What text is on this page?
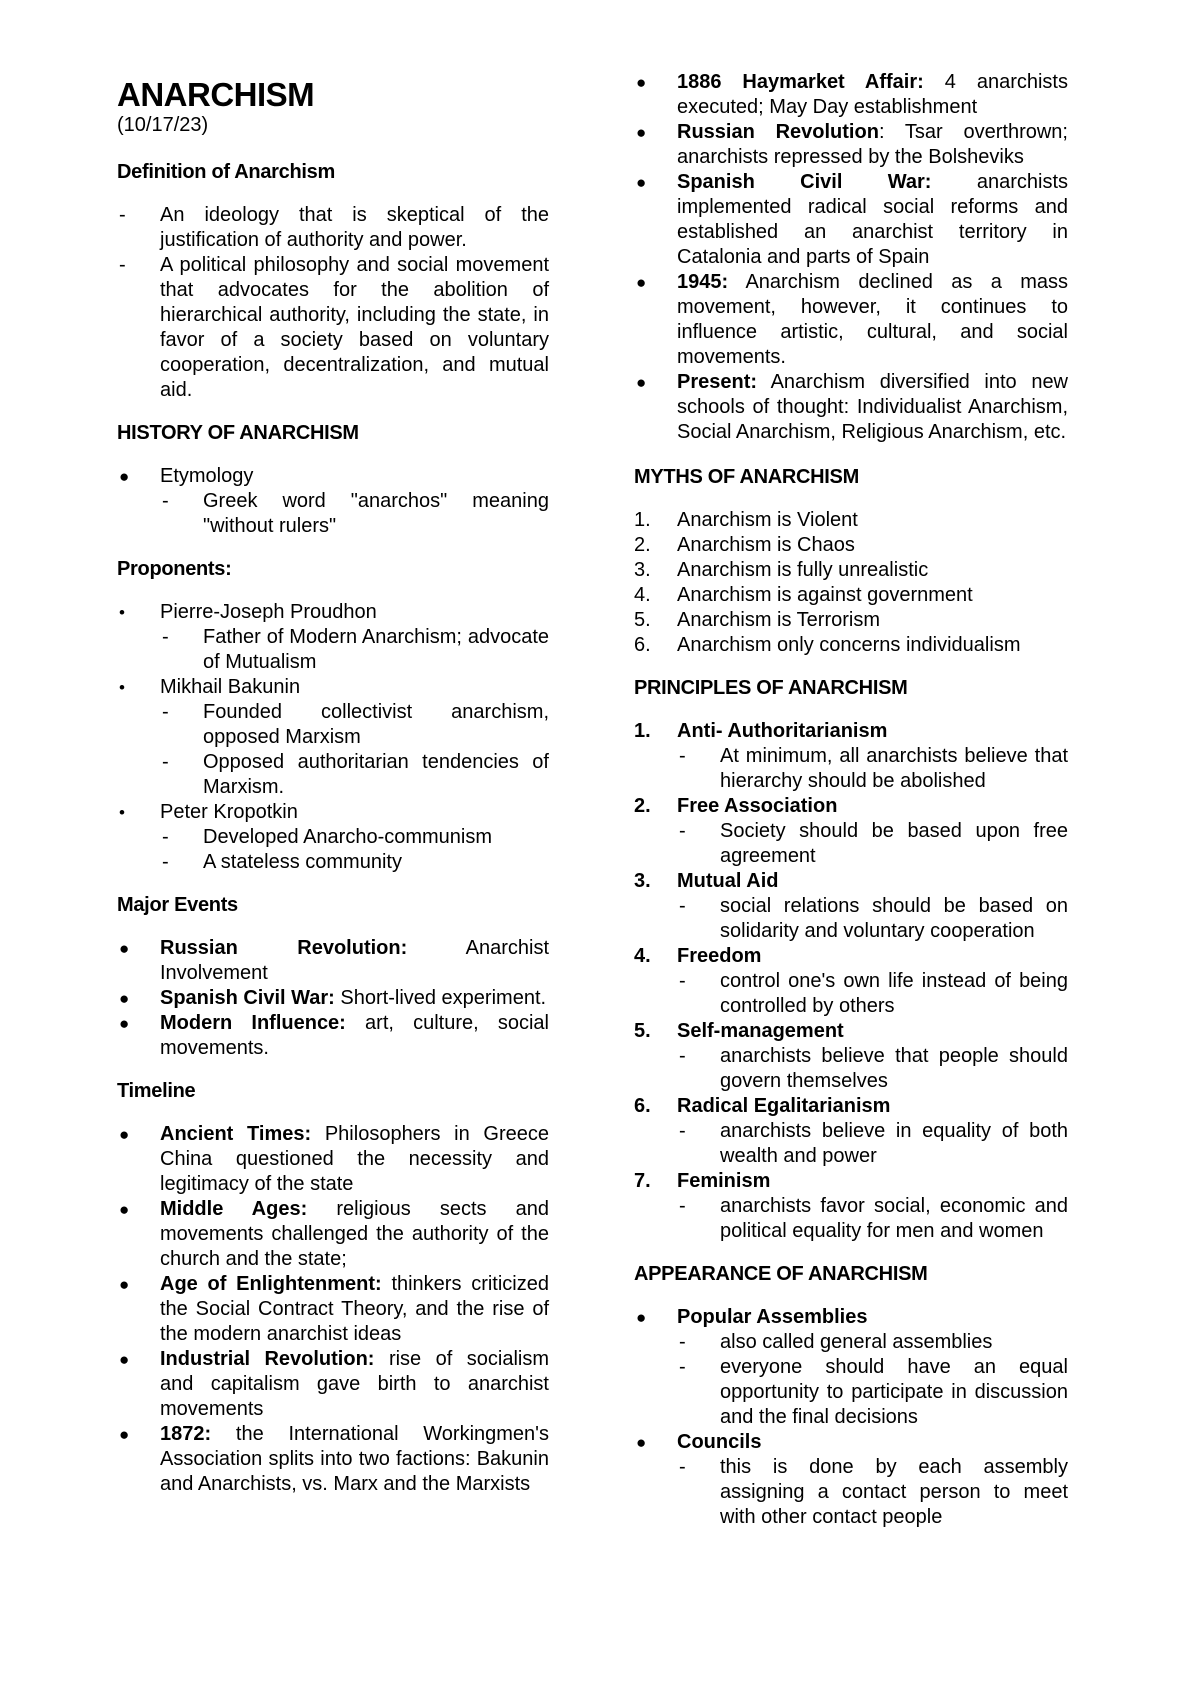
ANARCHISM

(10/17/23)

Definition of Anarchism
- An ideology that is skeptical of the justification of authority and power.
- A political philosophy and social movement that advocates for the abolition of hierarchical authority, including the state, in favor of a society based on voluntary cooperation, decentralization, and mutual aid.
HISTORY OF ANARCHISM
●	Etymology
- Greek word "anarchos" meaning "without rulers"
Proponents:
•	Pierre-Joseph Proudhon
- Father of Modern Anarchism; advocate of Mutualism
•	Mikhail Bakunin
- Founded collectivist anarchism, opposed Marxism
- Opposed authoritarian tendencies of Marxism.
•	Peter Kropotkin
- Developed Anarcho-communism
- A stateless community
Major Events
●	Russian Revolution:	Anarchist Involvement
●	Spanish Civil War: Short-lived experiment.
●	Modern Influence: art, culture, social movements.
Timeline
●	Ancient Times: Philosophers in Greece China questioned the necessity and legitimacy of the state
●	Middle Ages: religious sects and movements challenged the authority of the church and the state;
●	Age of Enlightenment: thinkers criticized the Social Contract Theory, and the rise of the modern anarchist ideas
●	Industrial Revolution: rise of socialism and capitalism gave birth to anarchist movements
●	1872: the International Workingmen's Association splits into two factions: Bakunin and Anarchists, vs. Marx and the Marxists
●	1886 Haymarket Affair: 4 anarchists executed; May Day establishment
●	Russian Revolution: Tsar overthrown; anarchists repressed by the Bolsheviks
●	Spanish Civil War: anarchists implemented radical social reforms and established an anarchist territory in Catalonia and parts of Spain
●	1945: Anarchism declined as a mass movement, however, it continues to influence artistic, cultural, and social movements.
●	Present: Anarchism diversified into new schools of thought: Individualist Anarchism, Social Anarchism, Religious Anarchism, etc.
MYTHS OF ANARCHISM
1.	Anarchism is Violent
2.	Anarchism is Chaos
3.	Anarchism is fully unrealistic
4.	Anarchism is against government
5.	Anarchism is Terrorism
6.	Anarchism only concerns individualism
PRINCIPLES OF ANARCHISM
1.	Anti- Authoritarianism
- At minimum, all anarchists believe that hierarchy should be abolished
2.	Free Association
- Society should be based upon free agreement
3.	Mutual Aid
- social relations should be based on solidarity and voluntary cooperation
4.	Freedom
- control one's own life instead of being controlled by others
5.	Self-management
- anarchists believe that people should govern themselves
6.	Radical Egalitarianism
- anarchists believe in equality of both wealth and power
7.	Feminism
- anarchists favor social, economic and political equality for men and women
APPEARANCE OF ANARCHISM
●	Popular Assemblies
- also called general assemblies
- everyone should have an equal opportunity to participate in discussion and the final decisions
●	Councils
- this is done by each assembly assigning a contact person to meet with other contact people
